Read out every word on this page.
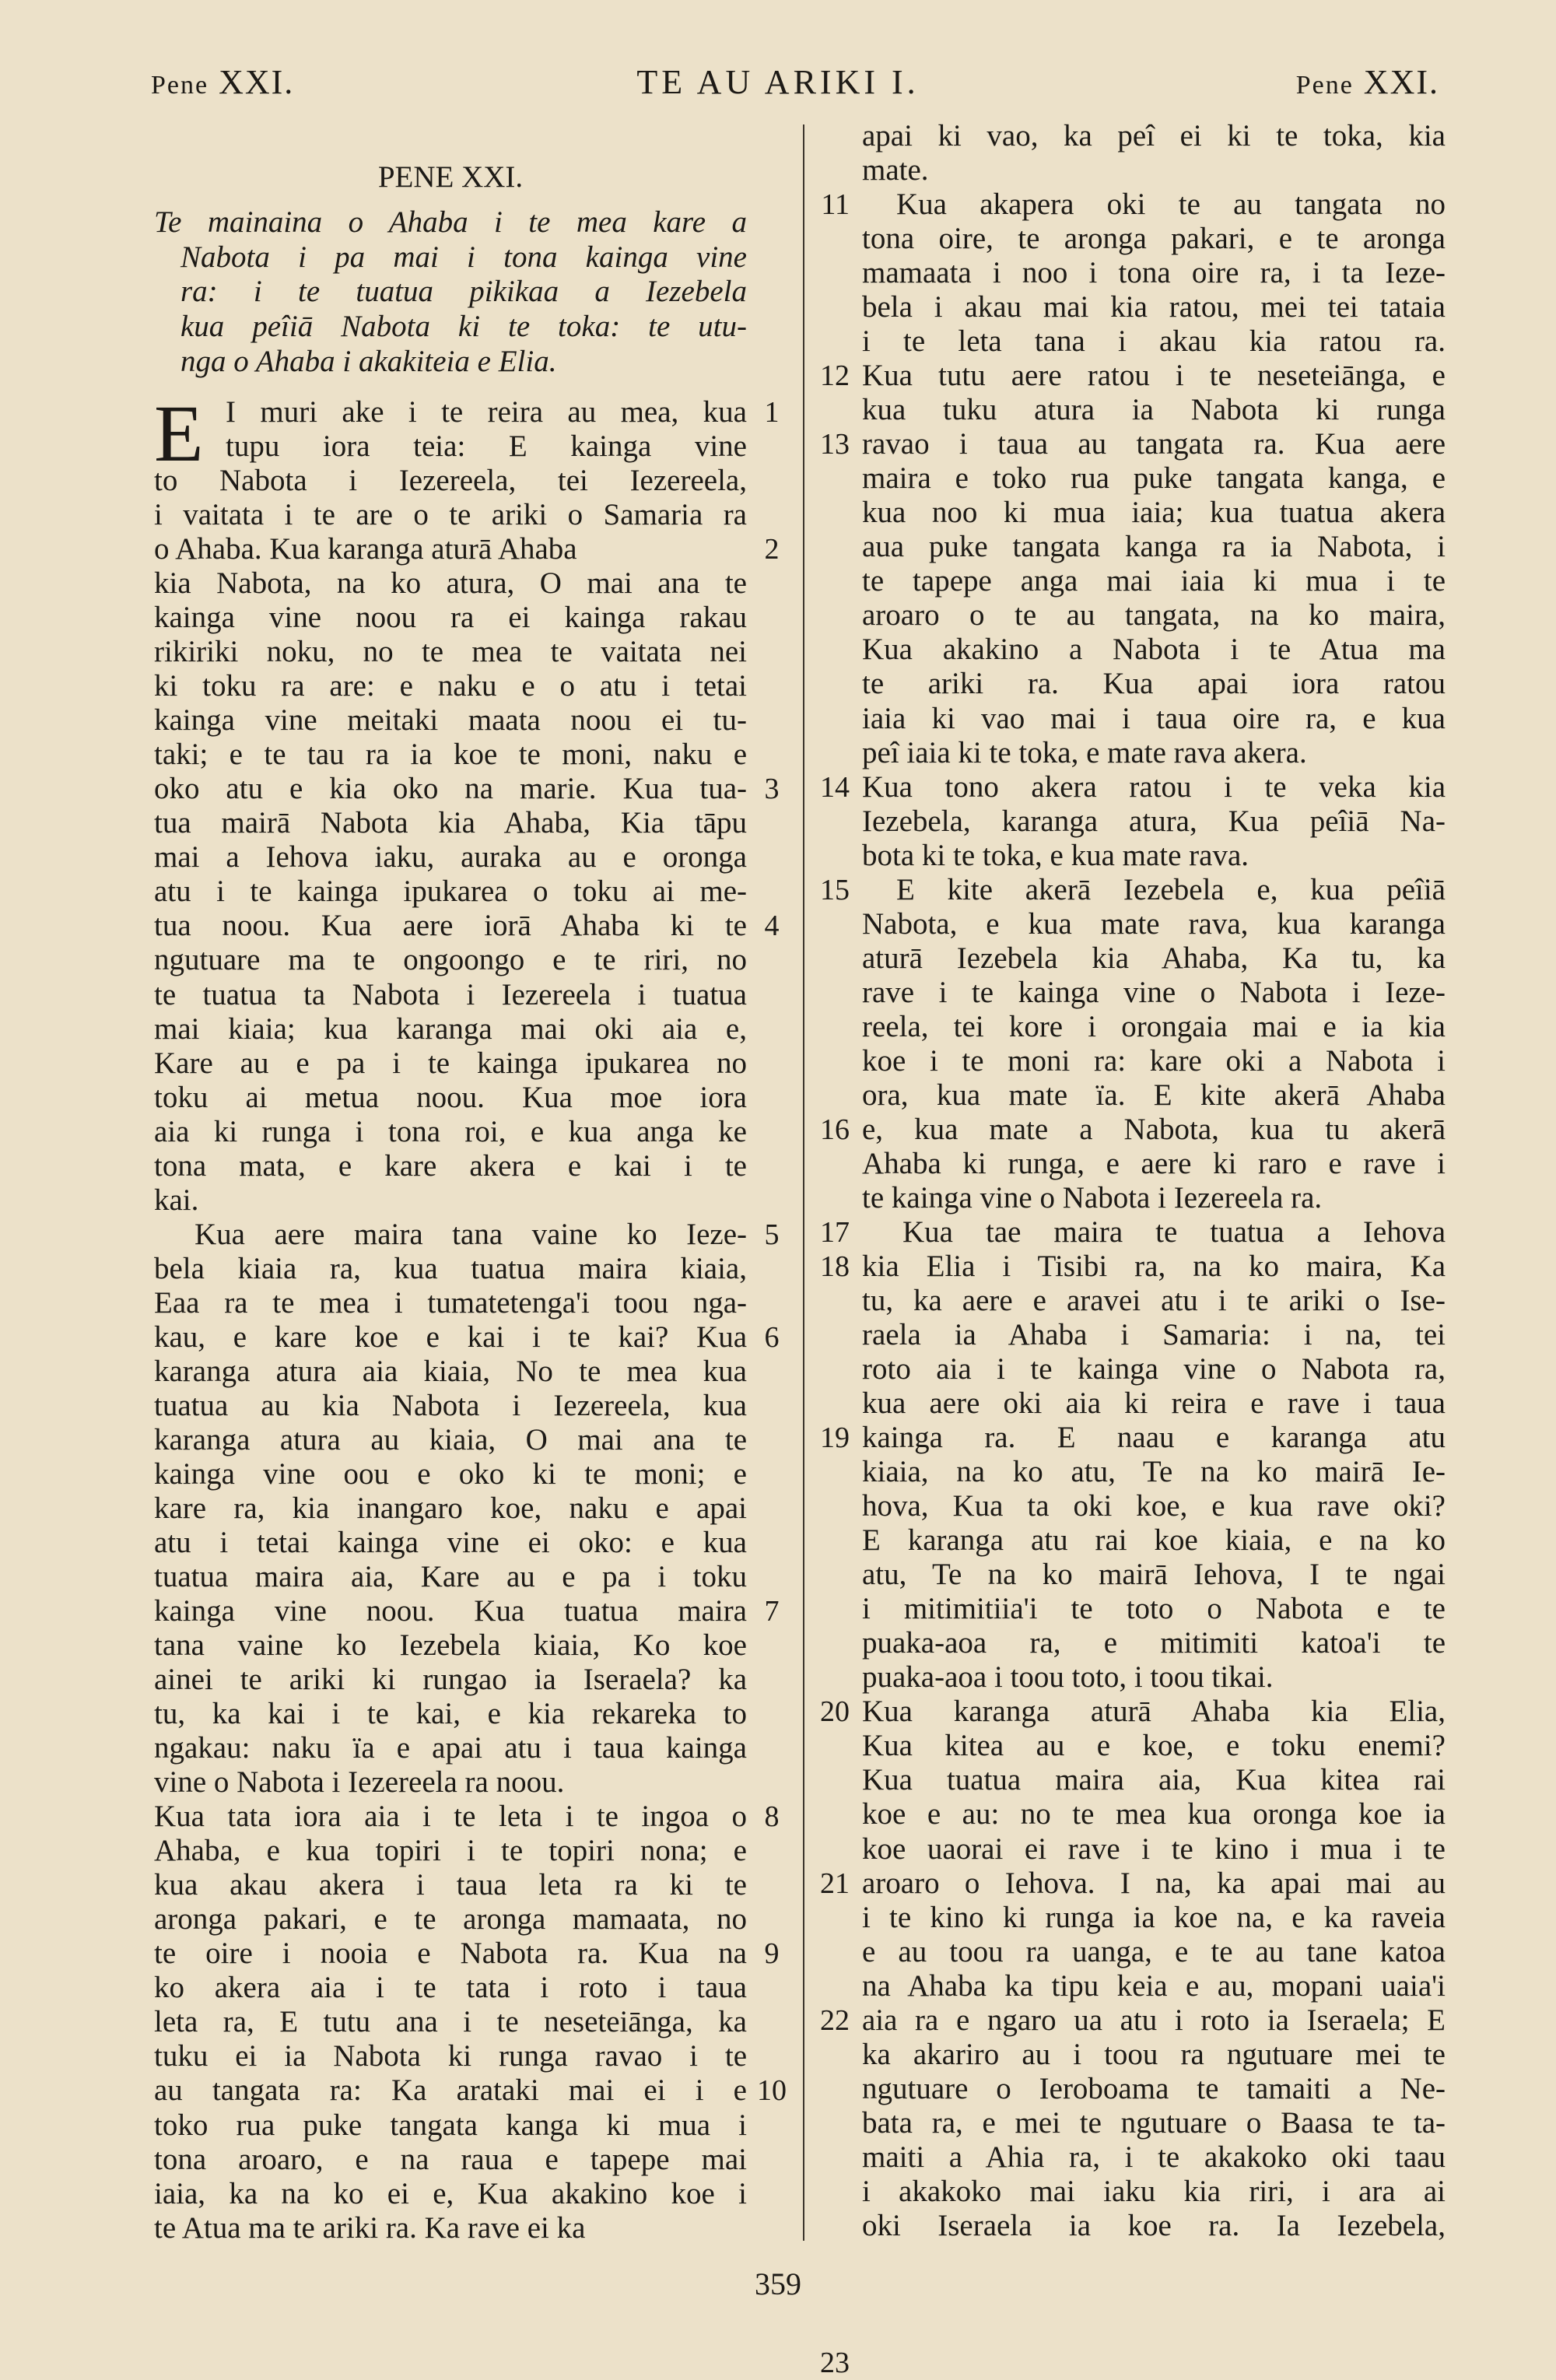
Pene XXI.	TE AU ARIKI I.	Pene XXI.
E
PENE XXI.
Te mainaina o Ahaba i te mea kare a
Nabota i pa mai i tona kainga vine
ra: i te tuatua pikikaa a Iezebela
kua peîiā Nabota ki te toka: te utu-
nga o Ahaba i akakiteia e Elia.
I muri ake i te reira au mea, kua
tupu iora teia: E kainga vine
to Nabota i Iezereela, tei Iezereela,
i vaitata i te are o te ariki o Samaria ra
o Ahaba. Kua karanga aturā Ahaba
kia Nabota, na ko atura, O mai ana te
kainga vine noou ra ei kainga rakau
rikiriki noku, no te mea te vaitata nei
ki toku ra are: e naku e o atu i tetai
kainga vine meitaki maata noou ei tu-
taki; e te tau ra ia koe te moni, naku e
oko atu e kia oko na marie. Kua tua-
tua mairā Nabota kia Ahaba, Kia tāpu
mai a Iehova iaku, auraka au e oronga
atu i te kainga ipukarea o toku ai me-
tua noou. Kua aere iorā Ahaba ki te
ngutuare ma te ongoongo e te riri, no
te tuatua ta Nabota i Iezereela i tuatua
mai kiaia; kua karanga mai oki aia e,
Kare au e pa i te kainga ipukarea no
toku ai metua noou. Kua moe iora
aia ki runga i tona roi, e kua anga ke
tona mata, e kare akera e kai i te
kai.
Kua aere maira tana vaine ko Ieze-
bela kiaia ra, kua tuatua maira kiaia,
Eaa ra te mea i tumatetenga'i toou nga-
kau, e kare koe e kai i te kai? Kua
karanga atura aia kiaia, No te mea kua
tuatua au kia Nabota i Iezereela, kua
karanga atura au kiaia, O mai ana te
kainga vine oou e oko ki te moni; e
kare ra, kia inangaro koe, naku e apai
atu i tetai kainga vine ei oko: e kua
tuatua maira aia, Kare au e pa i toku
kainga vine noou. Kua tuatua maira
tana vaine ko Iezebela kiaia, Ko koe
ainei te ariki ki rungao ia Iseraela? ka
tu, ka kai i te kai, e kia rekareka to
ngakau: naku ïa e apai atu i taua kainga
vine o Nabota i Iezereela ra noou.
Kua tata iora aia i te leta i te ingoa o
Ahaba, e kua topiri i te topiri nona; e
kua akau akera i taua leta ra ki te
aronga pakari, e te aronga mamaata, no
te oire i nooia e Nabota ra. Kua na
ko akera aia i te tata i roto i taua
leta ra, E tutu ana i te neseteiānga, ka
tuku ei ia Nabota ki runga ravao i te
au tangata ra: Ka arataki mai ei i e
toko rua puke tangata kanga ki mua i
tona aroaro, e na raua e tapepe mai
iaia, ka na ko ei e, Kua akakino koe i
te Atua ma te ariki ra. Ka rave ei ka
apai ki vao, ka peî ei ki te toka, kia
mate.
Kua akapera oki te au tangata no
tona oire, te aronga pakari, e te aronga
mamaata i noo i tona oire ra, i ta Ieze-
bela i akau mai kia ratou, mei tei tataia
i te leta tana i akau kia ratou ra.
Kua tutu aere ratou i te neseteiānga, e
kua tuku atura ia Nabota ki runga
ravao i taua au tangata ra. Kua aere
maira e toko rua puke tangata kanga, e
kua noo ki mua iaia; kua tuatua akera
aua puke tangata kanga ra ia Nabota, i
te tapepe anga mai iaia ki mua i te
aroaro o te au tangata, na ko maira,
Kua akakino a Nabota i te Atua ma
te ariki ra. Kua apai iora ratou
iaia ki vao mai i taua oire ra, e kua
peî iaia ki te toka, e mate rava akera.
Kua tono akera ratou i te veka kia
Iezebela, karanga atura, Kua peîiā Na-
bota ki te toka, e kua mate rava.
E kite akerā Iezebela e, kua peîiā
Nabota, e kua mate rava, kua karanga
aturā Iezebela kia Ahaba, Ka tu, ka
rave i te kainga vine o Nabota i Ieze-
reela, tei kore i orongaia mai e ia kia
koe i te moni ra: kare oki a Nabota i
ora, kua mate ïa. E kite akerā Ahaba
e, kua mate a Nabota, kua tu akerā
Ahaba ki runga, e aere ki raro e rave i
te kainga vine o Nabota i Iezereela ra.
Kua tae maira te tuatua a Iehova
kia Elia i Tisibi ra, na ko maira, Ka
tu, ka aere e aravei atu i te ariki o Ise-
raela ia Ahaba i Samaria: i na, tei
roto aia i te kainga vine o Nabota ra,
kua aere oki aia ki reira e rave i taua
kainga ra. E naau e karanga atu
kiaia, na ko atu, Te na ko mairā Ie-
hova, Kua ta oki koe, e kua rave oki?
E karanga atu rai koe kiaia, e na ko
atu, Te na ko mairā Iehova, I te ngai
i mitimitiia'i te toto o Nabota e te
puaka-aoa ra, e mitimiti katoa'i te
puaka-aoa i toou toto, i toou tikai.
Kua karanga aturā Ahaba kia Elia,
Kua kitea au e koe, e toku enemi?
Kua tuatua maira aia, Kua kitea rai
koe e au: no te mea kua oronga koe ia
koe uaorai ei rave i te kino i mua i te
aroaro o Iehova. I na, ka apai mai au
i te kino ki runga ia koe na, e ka raveia
e au toou ra uanga, e te au tane katoa
na Ahaba ka tipu keia e au, mopani uaia'i
aia ra e ngaro ua atu i roto ia Iseraela; E
ka akariro au i toou ra ngutuare mei te
ngutuare o Ieroboama te tamaiti a Ne-
bata ra, e mei te ngutuare o Baasa te ta-
maiti a Ahia ra, i te akakoko oki taau
i akakoko mai iaku kia riri, i ara ai
oki Iseraela ia koe ra. Ia Iezebela,
1
2
3
4
5
6
7
8
9
10
11
12
13
14
15
16
17
18
19
20
21
22
23
359
